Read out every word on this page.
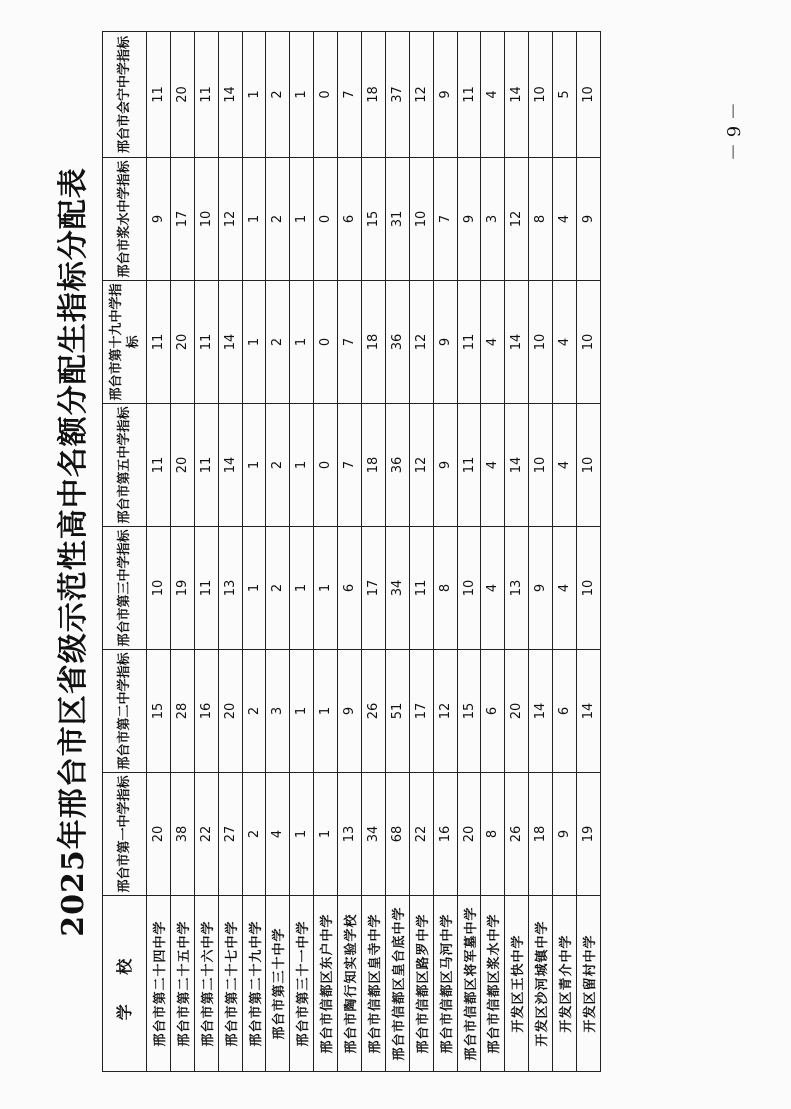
2025年邢台市区省级示范性高中名额分配生指标分配表
学 校	邢台市第一中学指标	邢台市第二中学指标	邢台市第三中学指标	邢台市第五中学指标	邢台市第十九中学指标	邢台市浆水中学指标	邢台市会宁中学指标
邢台市第二十四中学	20	15	10	11	11	9	11
邢台市第二十五中学	38	28	19	20	20	17	20
邢台市第二十六中学	22	16	11	11	11	10	11
邢台市第二十七中学	27	20	13	14	14	12	14
邢台市第二十九中学	2	2	1	1	1	1	1
邢台市第三十中学	4	3	2	2	2	2	2
邢台市第三十一中学	1	1	1	1	1	1	1
邢台市信都区东户中学	1	1	1	0	0	0	0
邢台市陶行知实验学校	13	9	6	7	7	6	7
邢台市信都区皇寺中学	34	26	17	18	18	15	18
邢台市信都区皇台底中学	68	51	34	36	36	31	37
邢台市信都区路罗中学	22	17	11	12	12	10	12
邢台市信都区马河中学	16	12	8	9	9	7	9
邢台市信都区将军墓中学	20	15	10	11	11	9	11
邢台市信都区浆水中学	8	6	4	4	4	3	4
开发区王快中学	26	20	13	14	14	12	14
开发区沙河城镇中学	18	14	9	10	10	8	10
开发区青介中学	9	6	4	4	4	4	5
开发区留村中学	19	14	10	10	10	9	10
－ 9 －
